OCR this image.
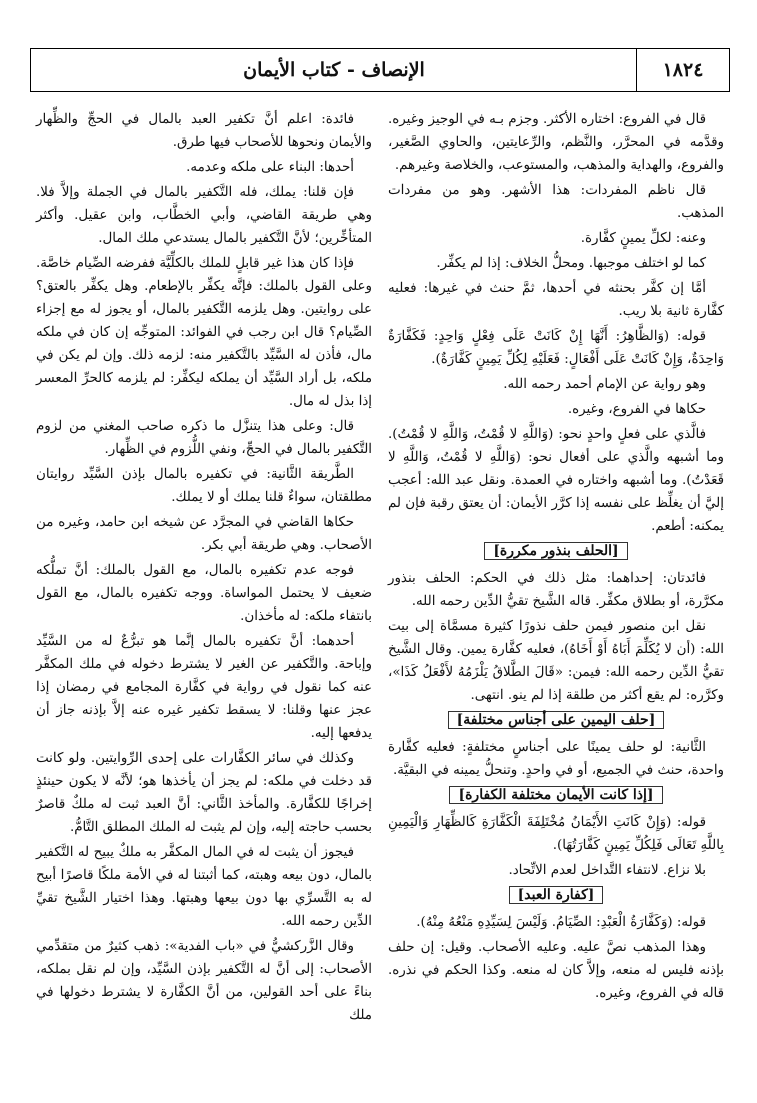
١٨٢٤
الإنصاف - كتاب الأيمان

قال في الفروع: اختاره الأكثر. وجزم بـه في الوجيز وغيره. وقدَّمه في المحرَّر، والنَّظم، والرِّعايتين، والحاوي الصَّغير، والفروع، والهداية والمذهب، والمستوعب، والخلاصة وغيرهم.

قال ناظم المفردات: هذا الأشهر. وهو من مفردات المذهب.

وعنه: لكلِّ يمينٍ كفَّارة.

كما لو اختلف موجبها. ومحلُّ الخلاف: إذا لم يكفِّر.

أمَّا إن كفَّر بحنثه في أحدها، ثمَّ حنث في غيرها: فعليه كفَّارة ثانية بلا ريب.

قوله: (وَالظَّاهِرُ: أَنَّهَا إِنْ كَانَتْ عَلَى فِعْلٍ وَاحِدٍ: فَكَفَّارَةٌ وَاحِدَةٌ، وَإِنْ كَانَتْ عَلَى أَفْعَالٍ: فَعَلَيْهِ لِكُلِّ يَمِينٍ كَفَّارَةٌ).

وهو رواية عن الإمام أحمد رحمه الله.

حكاها في الفروع، وغيره.

فالَّذي على فعلٍ واحدٍ نحو: (وَاللَّهِ لا قُمْتُ، وَاللَّهِ لا قُمْتُ). وما أشبهه والَّذي على أفعال نحو: (وَاللَّهِ لا قُمْتُ، وَاللَّهِ لا قَعَدْتُ). وما أشبهه واختاره في العمدة. ونقل عبد الله: أعجب إليَّ أن يغلِّظ على نفسه إذا كرَّر الأيمان: أن يعتق رقبة فإن لم يمكنه: أطعم.

[الحلف بنذور مكررة]

فائدتان: إحداهما: مثل ذلك في الحكم: الحلف بنذور مكرَّرة، أو بطلاق مكفِّر. قاله الشَّيخ تقيُّ الدِّين رحمه الله.

نقل ابن منصور فيمن حلف نذورًا كثيرة مسمَّاة إلى بيت الله: (أن لا يُكَلِّمَ أَبَاهُ أَوْ أَخَاهُ)، فعليه كفَّارة يمين. وقال الشَّيخ تقيُّ الدِّين رحمه الله: فيمن: «قَالَ الطَّلاقُ يَلْزَمُهُ لأَفْعَلُ كَذَا»، وكرَّره: لم يقع أكثر من طلقة إذا لم ينو. انتهى.

[حلف اليمين على أجناس مختلفة]

الثَّانية: لو حلف يمينًا على أجناسٍ مختلفةٍ: فعليه كفَّارة واحدة، حنث في الجميع، أو في واحدٍ. وتنحلُّ يمينه في البقيَّة.

[إذا كانت الأيمان مختلفة الكفارة]

قوله: (وَإِنْ كَانَتِ الأَيْمَانُ مُخْتَلِفَةَ الْكَفَّارَةِ كَالظِّهَارِ وَالْيَمِينِ بِاللَّهِ تَعَالَى فَلِكُلِّ يَمِينٍ كَفَّارَتُهَا).

بلا نزاع. لانتفاء التَّداخل لعدم الاتِّحاد.

[كفارة العبد]

قوله: (وَكَفَّارَةُ الْعَبْدِ: الصِّيَامُ. وَلَيْسَ لِسَيِّدِهِ مَنْعُهُ مِنْهُ).

وهذا المذهب نصَّ عليه. وعليه الأصحاب. وقيل: إن حلف بإذنه فليس له منعه، وإلاَّ كان له منعه. وكذا الحكم في نذره. قاله في الفروع، وغيره.

فائدة: اعلم أنَّ تكفير العبد بالمال في الحجِّ والظِّهار والأيمان ونحوها للأصحاب فيها طرق.

أحدها: البناء على ملكه وعدمه.

فإن قلنا: يملك، فله التَّكفير بالمال في الجملة وإلاَّ فلا. وهي طريقة القاضي، وأبي الخطَّاب، وابن عقيل. وأكثر المتأخِّرين؛ لأنَّ التَّكفير بالمال يستدعي ملك المال.

فإذا كان هذا غير قابلٍ للملك بالكلِّيَّة ففرضه الصِّيام خاصَّة. وعلى القول بالملك: فإنَّه يكفِّر بالإطعام. وهل يكفِّر بالعتق؟ على روايتين. وهل يلزمه التَّكفير بالمال، أو يجوز له مع إجزاء الصِّيام؟ قال ابن رجب في الفوائد: المتوجِّه إن كان في ملكه مال، فأذن له السَّيِّد بالتَّكفير منه: لزمه ذلك. وإن لم يكن في ملكه، بل أراد السَّيِّد أن يملكه ليكفِّر: لم يلزمه كالحرِّ المعسر إذا بذل له مال.

قال: وعلى هذا يتنزَّل ما ذكره صاحب المغني من لزوم التَّكفير بالمال في الحجِّ، ونفي اللُّزوم في الظِّهار.

الطَّريقة الثَّانية: في تكفيره بالمال بإذن السَّيِّد روايتان مطلقتان، سواءٌ قلنا يملك أو لا يملك.

حكاها القاضي في المجرَّد عن شيخه ابن حامد، وغيره من الأصحاب. وهي طريقة أبي بكر.

فوجه عدم تكفيره بالمال، مع القول بالملك: أنَّ تملُّكه ضعيف لا يحتمل المواساة. ووجه تكفيره بالمال، مع القول بانتفاء ملكه: له مأخذان.

أحدهما: أنَّ تكفيره بالمال إنَّما هو تبرُّعٌ له من السَّيِّد وإباحة. والتَّكفير عن الغير لا يشترط دخوله في ملك المكفَّر عنه كما نقول في رواية في كفَّارة المجامع في رمضان إذا عجز عنها وقلنا: لا يسقط تكفير غيره عنه إلاَّ بإذنه جاز أن يدفعها إليه.

وكذلك في سائر الكفَّارات على إحدى الرِّوايتين. ولو كانت قد دخلت في ملكه: لم يجز أن يأخذها هو؛ لأنَّه لا يكون حينئذٍ إخراجًا للكفَّارة. والمأخذ الثَّاني: أنَّ العبد ثبت له ملكٌ قاصرٌ بحسب حاجته إليه، وإن لم يثبت له الملك المطلق التَّامُّ.

فيجوز أن يثبت له في المال المكفَّر به ملكٌ يبيح له التَّكفير بالمال، دون بيعه وهبته، كما أثبتنا له في الأمة ملكًا قاصرًا أبيح له به التَّسرِّي بها دون بيعها وهبتها. وهذا اختيار الشَّيخ تقيِّ الدِّين رحمه الله.

وقال الزَّركشيُّ في «باب الفدية»: ذهب كثيرٌ من متقدِّمي الأصحاب: إلى أنَّ له التَّكفير بإذن السَّيِّد، وإن لم نقل بملكه، بناءً على أحد القولين، من أنَّ الكفَّارة لا يشترط دخولها في ملك
